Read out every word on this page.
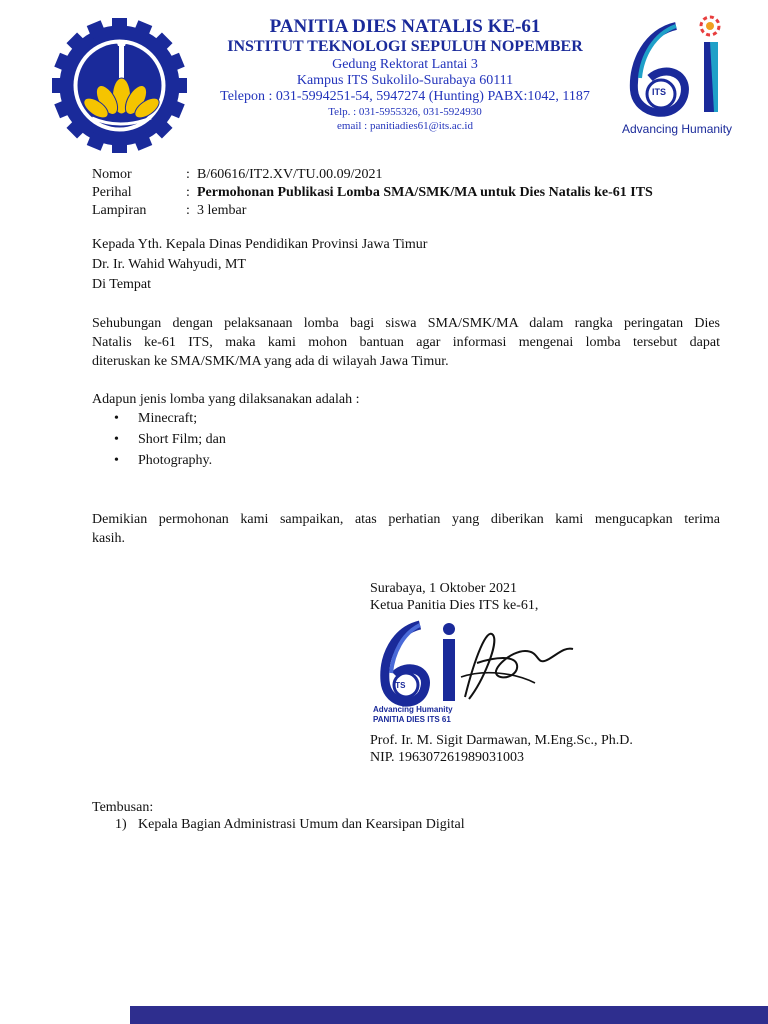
PANITIA DIES NATALIS KE-61
INSTITUT TEKNOLOGI SEPULUH NOPEMBER
Gedung Rektorat Lantai 3
Kampus ITS Sukolilo-Surabaya 60111
Telepon : 031-5994251-54, 5947274 (Hunting) PABX:1042, 1187
Telp. : 031-5955326, 031-5924930
email : panitiadies61@its.ac.id
ITS
Advancing Humanity
Nomor	: B/60616/IT2.XV/TU.00.09/2021
Perihal	: Permohonan Publikasi Lomba SMA/SMK/MA untuk Dies Natalis ke-61 ITS
Lampiran	: 3 lembar
Kepada Yth. Kepala Dinas Pendidikan Provinsi Jawa Timur
Dr. Ir. Wahid Wahyudi, MT
Di Tempat
Sehubungan dengan pelaksanaan lomba bagi siswa SMA/SMK/MA dalam rangka peringatan Dies
Natalis ke-61 ITS, maka kami mohon bantuan agar informasi mengenai lomba tersebut dapat
diteruskan ke SMA/SMK/MA yang ada di wilayah Jawa Timur.
Adapun jenis lomba yang dilaksanakan adalah :
• Minecraft;
• Short Film; dan
• Photography.
Demikian permohonan kami sampaikan, atas perhatian yang diberikan kami mengucapkan terima
kasih.
Surabaya, 1 Oktober 2021
Ketua Panitia Dies ITS ke-61,
ITS
Advancing Humanity
PANITIA DIES ITS 61
Prof. Ir. M. Sigit Darmawan, M.Eng.Sc., Ph.D.
NIP. 196307261989031003
Tembusan:
1) Kepala Bagian Administrasi Umum dan Kearsipan Digital
